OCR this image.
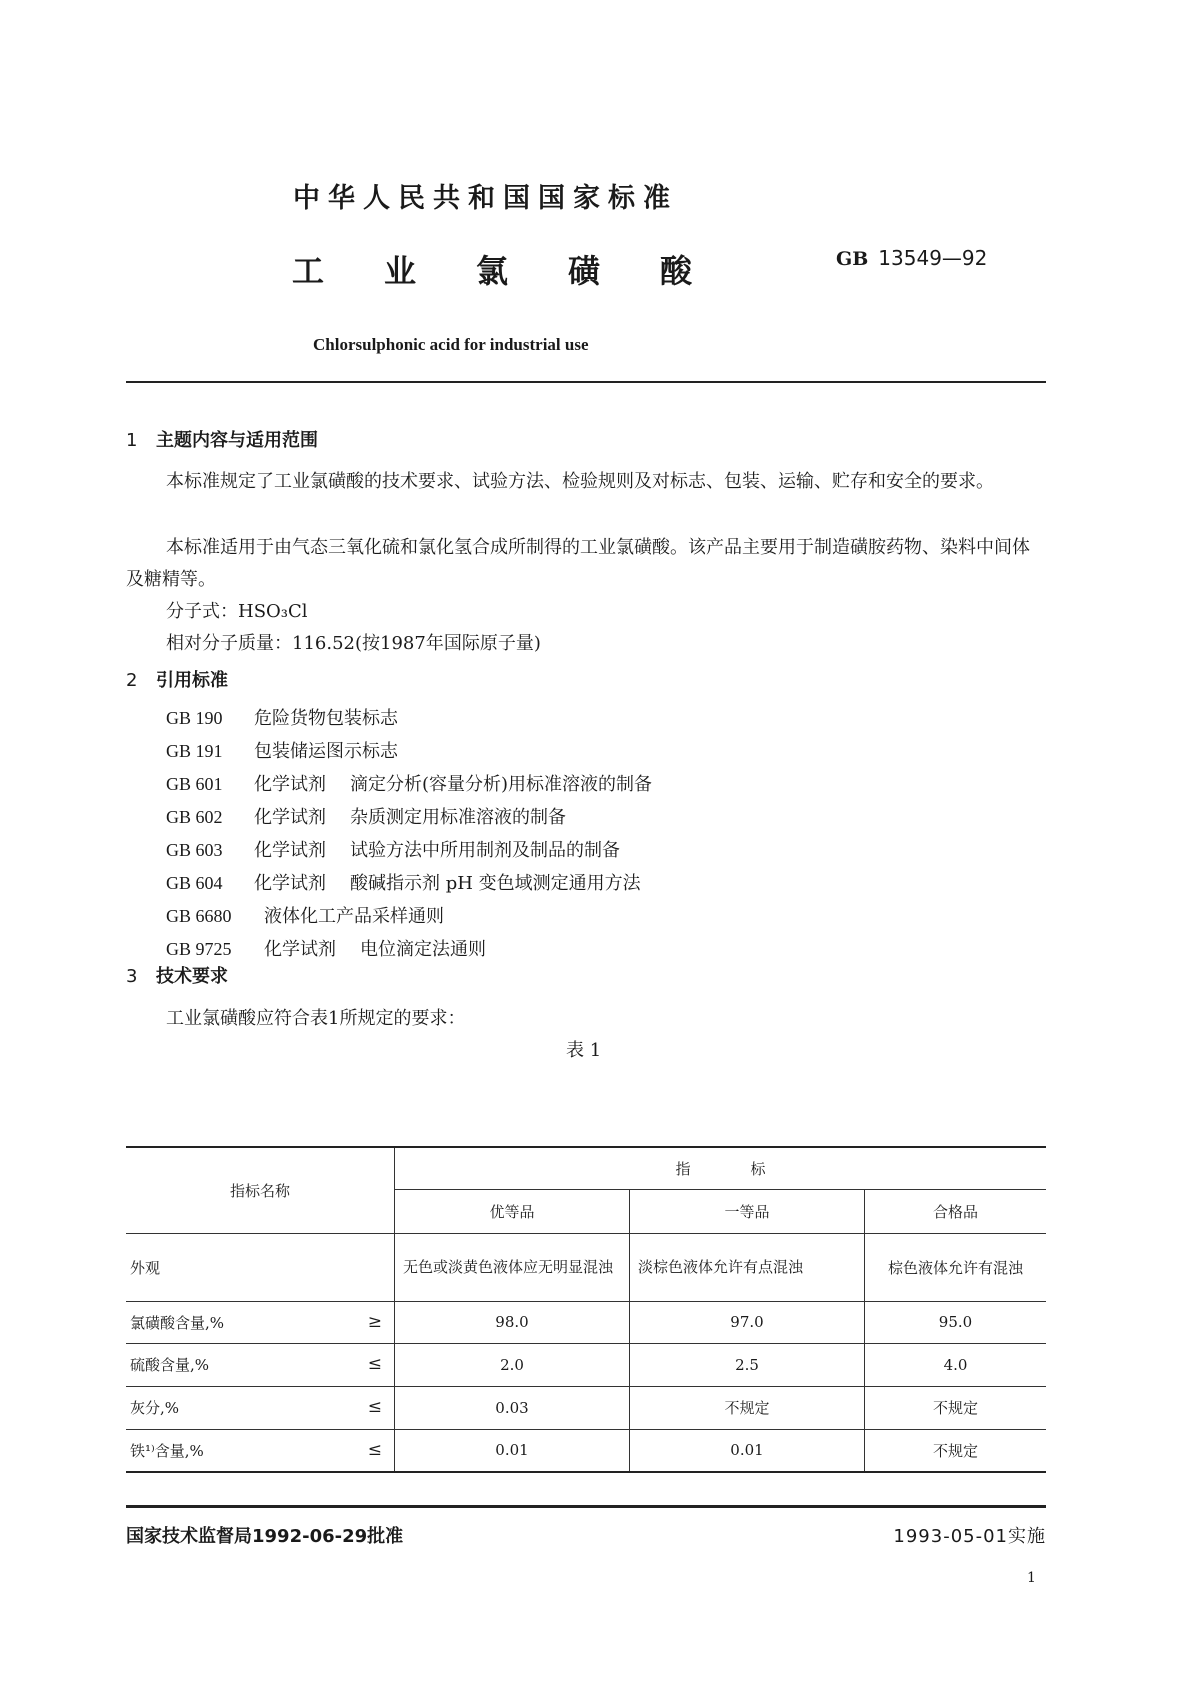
中华人民共和国国家标准
GB 13549—92
工业氯磺酸
Chlorsulphonic acid for industrial use
1 主题内容与适用范围
本标准规定了工业氯磺酸的技术要求、试验方法、检验规则及对标志、包装、运输、贮存和安全的要求。
本标准适用于由气态三氧化硫和氯化氢合成所制得的工业氯磺酸。该产品主要用于制造磺胺药物、染料中间体及糖精等。
分子式：HSO₃Cl
相对分子质量：116.52(按1987年国际原子量)
2 引用标准
GB 190 危险货物包装标志
GB 191 包装储运图示标志
GB 601 化学试剂 滴定分析(容量分析)用标准溶液的制备
GB 602 化学试剂 杂质测定用标准溶液的制备
GB 603 化学试剂 试验方法中所用制剂及制品的制备
GB 604 化学试剂 酸碱指示剂 pH 变色域测定通用方法
GB 6680 液体化工产品采样通则
GB 9725 化学试剂 电位滴定法通则
3 技术要求
工业氯磺酸应符合表1所规定的要求：
表 1
指标名称	指　　　　标		
	优等品	一等品	合格品
外观	无色或淡黄色液体应无明显混浊	淡棕色液体允许有点混浊	棕色液体允许有混浊
氯磺酸含量,% ≥	98.0	97.0	95.0
硫酸含量,% ≤	2.0	2.5	4.0
灰分,% ≤	0.03	不规定	不规定
铁¹⁾含量,% ≤	0.01	0.01	不规定
国家技术监督局1992-06-29批准	1993-05-01实施
1
